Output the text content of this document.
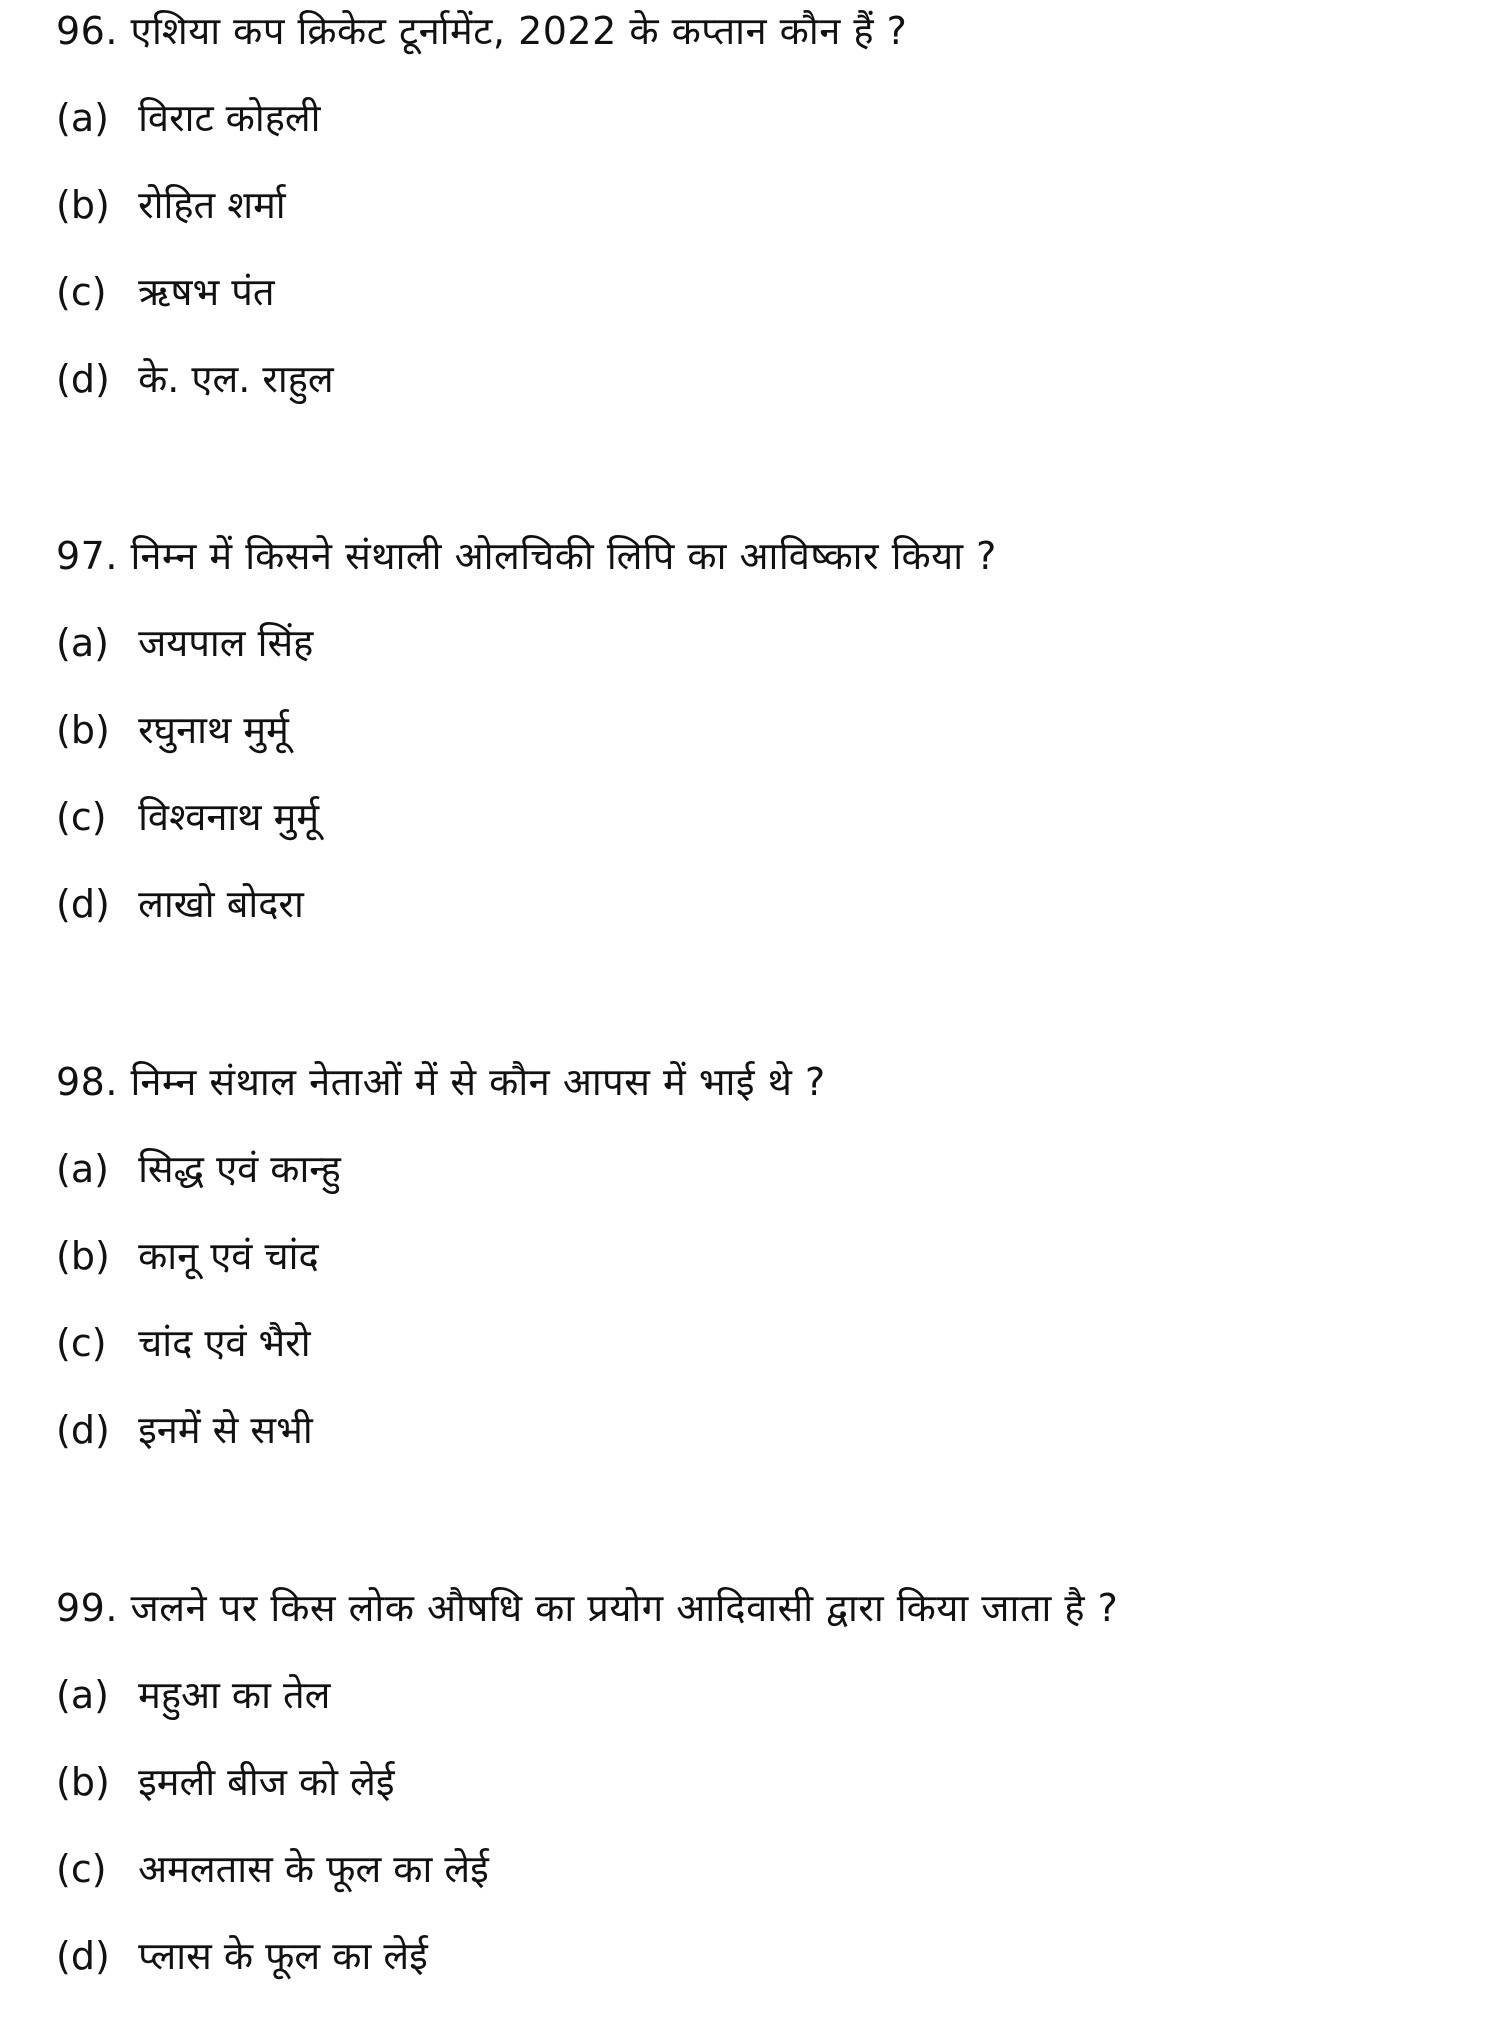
96. एशिया कप क्रिकेट टूर्नामेंट, 2022 के कप्तान कौन हैं ?
(a) विराट कोहली
(b) रोहित शर्मा
(c) ऋषभ पंत
(d) के. एल. राहुल
97. निम्न में किसने संथाली ओलचिकी लिपि का आविष्कार किया ?
(a) जयपाल सिंह
(b) रघुनाथ मुर्मू
(c) विश्वनाथ मुर्मू
(d) लाखो बोदरा
98. निम्न संथाल नेताओं में से कौन आपस में भाई थे ?
(a) सिद्ध एवं कान्हु
(b) कानू एवं चांद
(c) चांद एवं भैरो
(d) इनमें से सभी
99. जलने पर किस लोक औषधि का प्रयोग आदिवासी द्वारा किया जाता है ?
(a) महुआ का तेल
(b) इमली बीज को लेई
(c) अमलतास के फूल का लेई
(d) प्लास के फूल का लेई
